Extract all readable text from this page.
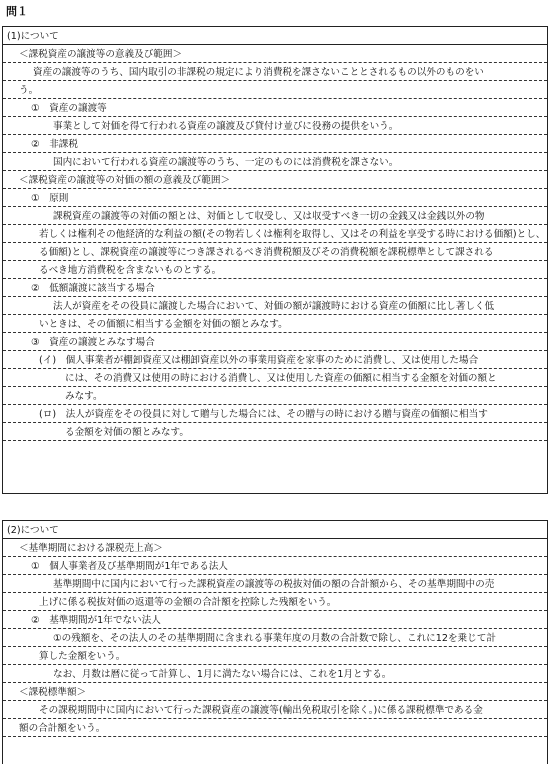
問１
(1)について
＜課税資産の譲渡等の意義及び範囲＞
資産の譲渡等のうち、国内取引の非課税の規定により消費税を課さないこととされるもの以外のものをい
う。
①　資産の譲渡等
事業として対価を得て行われる資産の譲渡及び貸付け並びに役務の提供をいう。
②　非課税
国内において行われる資産の譲渡等のうち、一定のものには消費税を課さない。
＜課税資産の譲渡等の対価の額の意義及び範囲＞
①　原則
課税資産の譲渡等の対価の額とは、対価として収受し、又は収受すべき一切の金銭又は金銭以外の物
若しくは権利その他経済的な利益の額(その物若しくは権利を取得し、又はその利益を享受する時における価額)とし、
る価額)とし、課税資産の譲渡等につき課されるべき消費税額及びその消費税額を課税標準として課される
るべき地方消費税を含まないものとする。
②　低額譲渡に該当する場合
法人が資産をその役員に譲渡した場合において、対価の額が譲渡時における資産の価額に比し著しく低
いときは、その価額に相当する金額を対価の額とみなす。
③　資産の譲渡とみなす場合
(イ)　個人事業者が棚卸資産又は棚卸資産以外の事業用資産を家事のために消費し、又は使用した場合
には、その消費又は使用の時における消費し、又は使用した資産の価額に相当する金額を対価の額と
みなす。
(ロ)　法人が資産をその役員に対して贈与した場合には、その贈与の時における贈与資産の価額に相当す
る金額を対価の額とみなす。
(2)について
＜基準期間における課税売上高＞
①　個人事業者及び基準期間が1年である法人
基準期間中に国内において行った課税資産の譲渡等の税抜対価の額の合計額から、その基準期間中の売
上げに係る税抜対価の返還等の金額の合計額を控除した残額をいう。
②　基準期間が1年でない法人
①の残額を、その法人のその基準期間に含まれる事業年度の月数の合計数で除し、これに12を乗じて計
算した金額をいう。
なお、月数は暦に従って計算し、1月に満たない場合には、これを1月とする。
＜課税標準額＞
その課税期間中に国内において行った課税資産の譲渡等(輸出免税取引を除く。)に係る課税標準である金
額の合計額をいう。
